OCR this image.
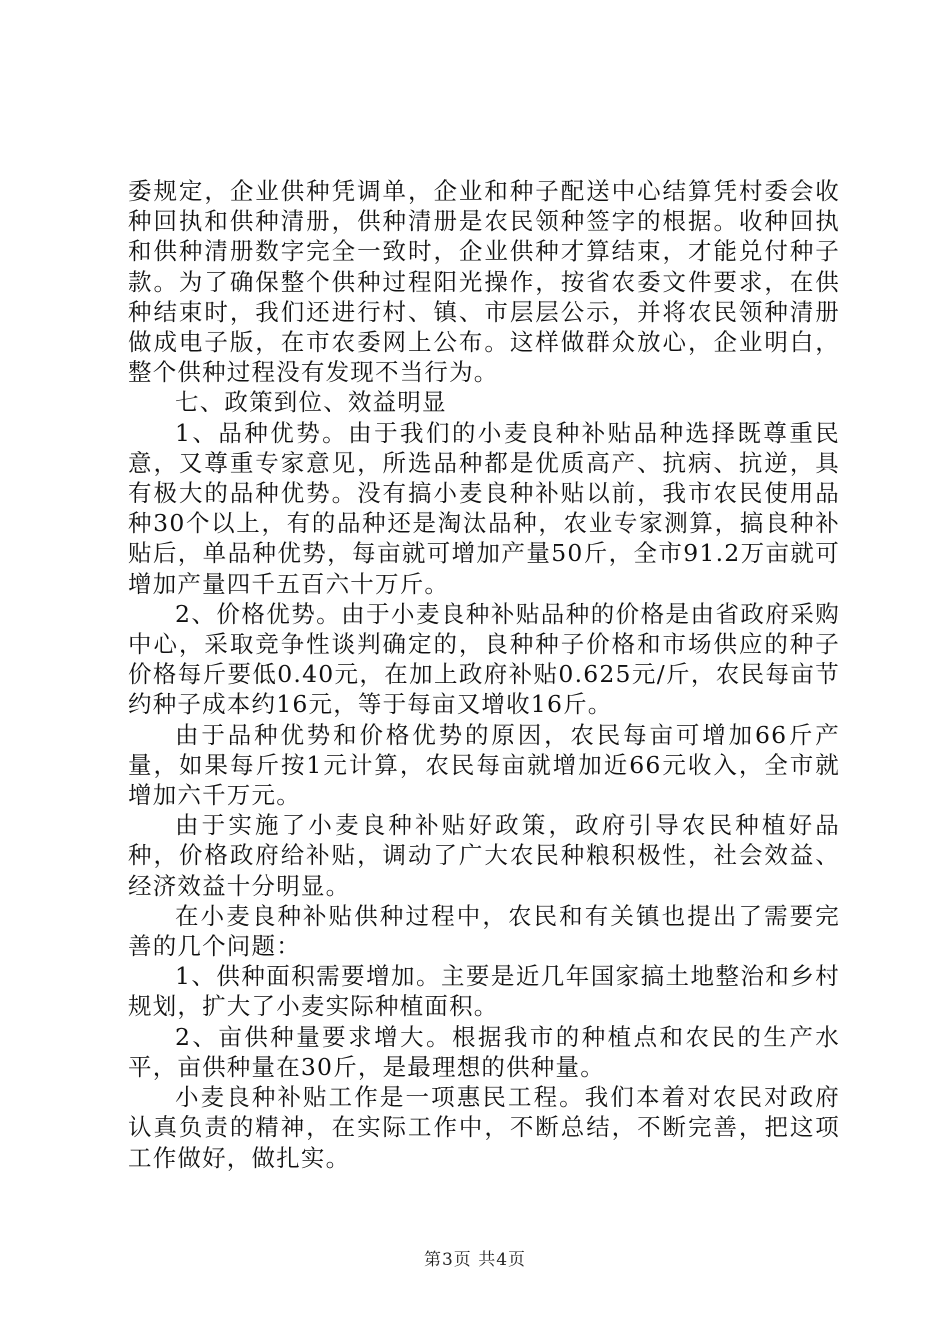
委规定，企业供种凭调单，企业和种子配送中心结算凭村委会收种回执和供种清册，供种清册是农民领种签字的根据。收种回执和供种清册数字完全一致时，企业供种才算结束，才能兑付种子款。为了确保整个供种过程阳光操作，按省农委文件要求，在供种结束时，我们还进行村、镇、市层层公示，并将农民领种清册做成电子版，在市农委网上公布。这样做群众放心，企业明白，整个供种过程没有发现不当行为。

七、政策到位、效益明显

1、品种优势。由于我们的小麦良种补贴品种选择既尊重民意，又尊重专家意见，所选品种都是优质高产、抗病、抗逆，具有极大的品种优势。没有搞小麦良种补贴以前，我市农民使用品种30个以上，有的品种还是淘汰品种，农业专家测算，搞良种补贴后，单品种优势，每亩就可增加产量50斤，全市91.2万亩就可增加产量四千五百六十万斤。

2、价格优势。由于小麦良种补贴品种的价格是由省政府采购中心，采取竞争性谈判确定的，良种种子价格和市场供应的种子价格每斤要低0.40元，在加上政府补贴0.625元/斤，农民每亩节约种子成本约16元，等于每亩又增收16斤。

由于品种优势和价格优势的原因，农民每亩可增加66斤产量，如果每斤按1元计算，农民每亩就增加近66元收入，全市就增加六千万元。

由于实施了小麦良种补贴好政策，政府引导农民种植好品种，价格政府给补贴，调动了广大农民种粮积极性，社会效益、经济效益十分明显。

在小麦良种补贴供种过程中，农民和有关镇也提出了需要完善的几个问题：

1、供种面积需要增加。主要是近几年国家搞土地整治和乡村规划，扩大了小麦实际种植面积。

2、亩供种量要求增大。根据我市的种植点和农民的生产水平，亩供种量在30斤，是最理想的供种量。

小麦良种补贴工作是一项惠民工程。我们本着对农民对政府认真负责的精神，在实际工作中，不断总结，不断完善，把这项工作做好，做扎实。

第3页 共4页
